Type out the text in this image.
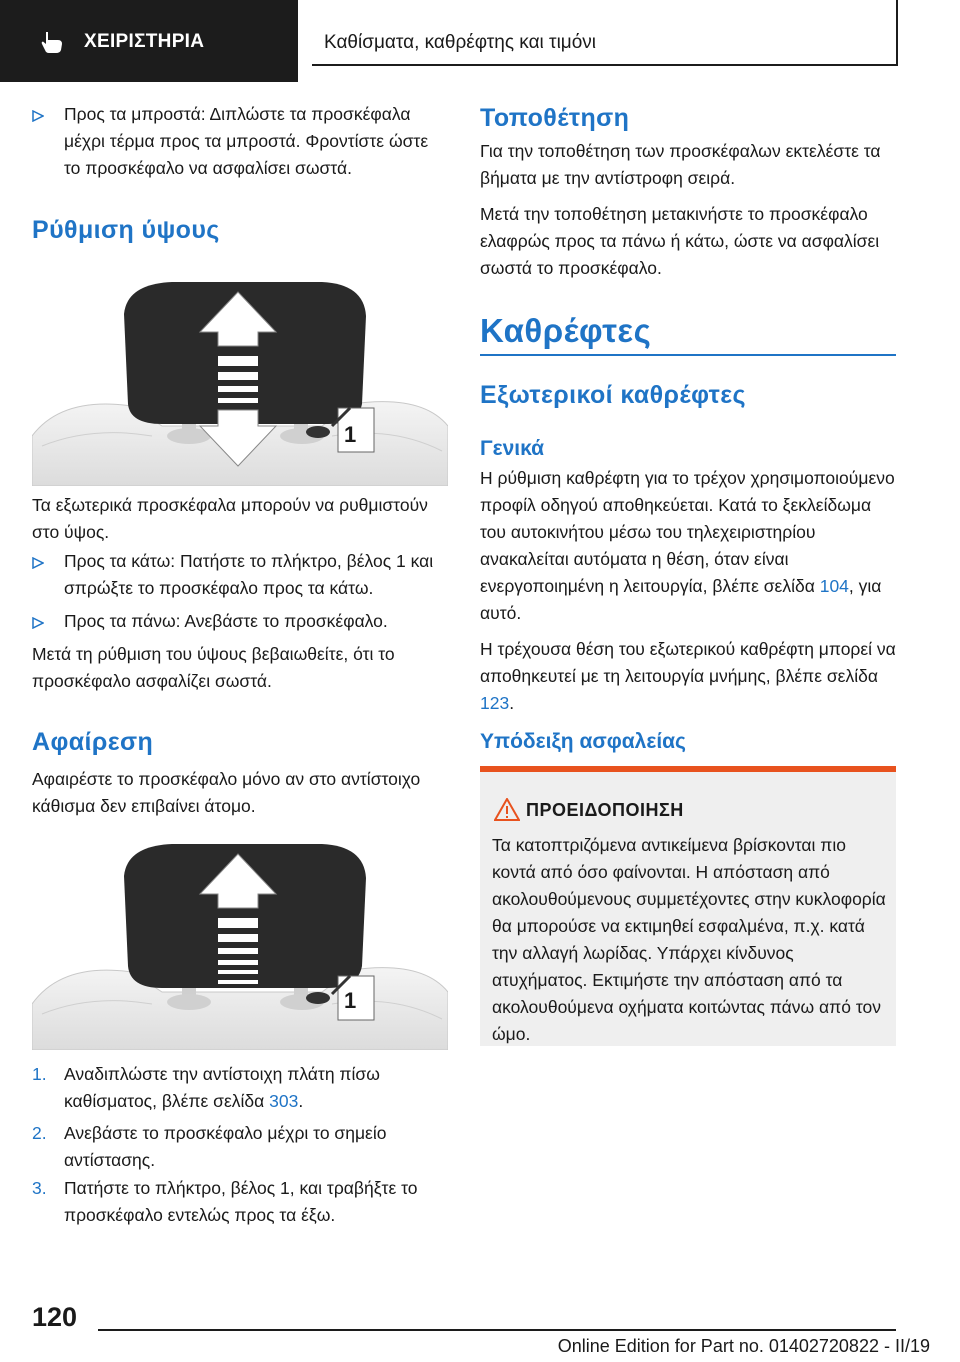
ΧΕΙΡΙΣΤΗΡΙΑ	Καθίσματα, καθρέφτης και τιμόνι
Προς τα μπροστά: Διπλώστε τα προσκέφαλα μέχρι τέρμα προς τα μπροστά. Φροντίστε ώστε το προσκέφαλο να ασφαλίσει σωστά.
Ρύθμιση ύψους
1

Τα εξωτερικά προσκέφαλα μπορούν να ρυθμιστούν στο ύψος.

Προς τα κάτω: Πατήστε το πλήκτρο, βέλος 1 και σπρώξτε το προσκέφαλο προς τα κάτω.
Προς τα πάνω: Ανεβάστε το προσκέφαλο.

Μετά τη ρύθμιση του ύψους βεβαιωθείτε, ότι το προσκέφαλο ασφαλίζει σωστά.

Αφαίρεση

Αφαιρέστε το προσκέφαλο μόνο αν στο αντίστοιχο κάθισμα δεν επιβαίνει άτομο.

1
1. Αναδιπλώστε την αντίστοιχη πλάτη πίσω καθίσματος, βλέπε σελίδα 303.
2. Ανεβάστε το προσκέφαλο μέχρι το σημείο αντίστασης.
3. Πατήστε το πλήκτρο, βέλος 1, και τραβήξτε το προσκέφαλο εντελώς προς τα έξω.
Τοποθέτηση

Για την τοποθέτηση των προσκέφαλων εκτελέστε τα βήματα με την αντίστροφη σειρά.

Μετά την τοποθέτηση μετακινήστε το προσκέφαλο ελαφρώς προς τα πάνω ή κάτω, ώστε να ασφαλίσει σωστά το προσκέφαλο.

Καθρέφτες
Εξωτερικοί καθρέφτες
Γενικά

Η ρύθμιση καθρέφτη για το τρέχον χρησιμοποιούμενο προφίλ οδηγού αποθηκεύεται. Κατά το ξεκλείδωμα του αυτοκινήτου μέσω του τηλεχειριστηρίου ανακαλείται αυτόματα η θέση, όταν είναι ενεργοποιημένη η λειτουργία, βλέπε σελίδα 104, για αυτό.

Η τρέχουσα θέση του εξωτερικού καθρέφτη μπορεί να αποθηκευτεί με τη λειτουργία μνήμης, βλέπε σελίδα 123.

Υπόδειξη ασφαλείας
ΠΡΟΕΙΔΟΠΟΙΗΣΗ

Τα κατοπτριζόμενα αντικείμενα βρίσκονται πιο κοντά από όσο φαίνονται. Η απόσταση από ακολουθούμενους συμμετέχοντες στην κυκλοφορία θα μπορούσε να εκτιμηθεί εσφαλμένα, π.χ. κατά την αλλαγή λωρίδας. Υπάρχει κίνδυνος ατυχήματος. Εκτιμήστε την απόσταση από τα ακολουθούμενα οχήματα κοιτώντας πάνω από τον ώμο.

120
Online Edition for Part no. 01402720822 - II/19
